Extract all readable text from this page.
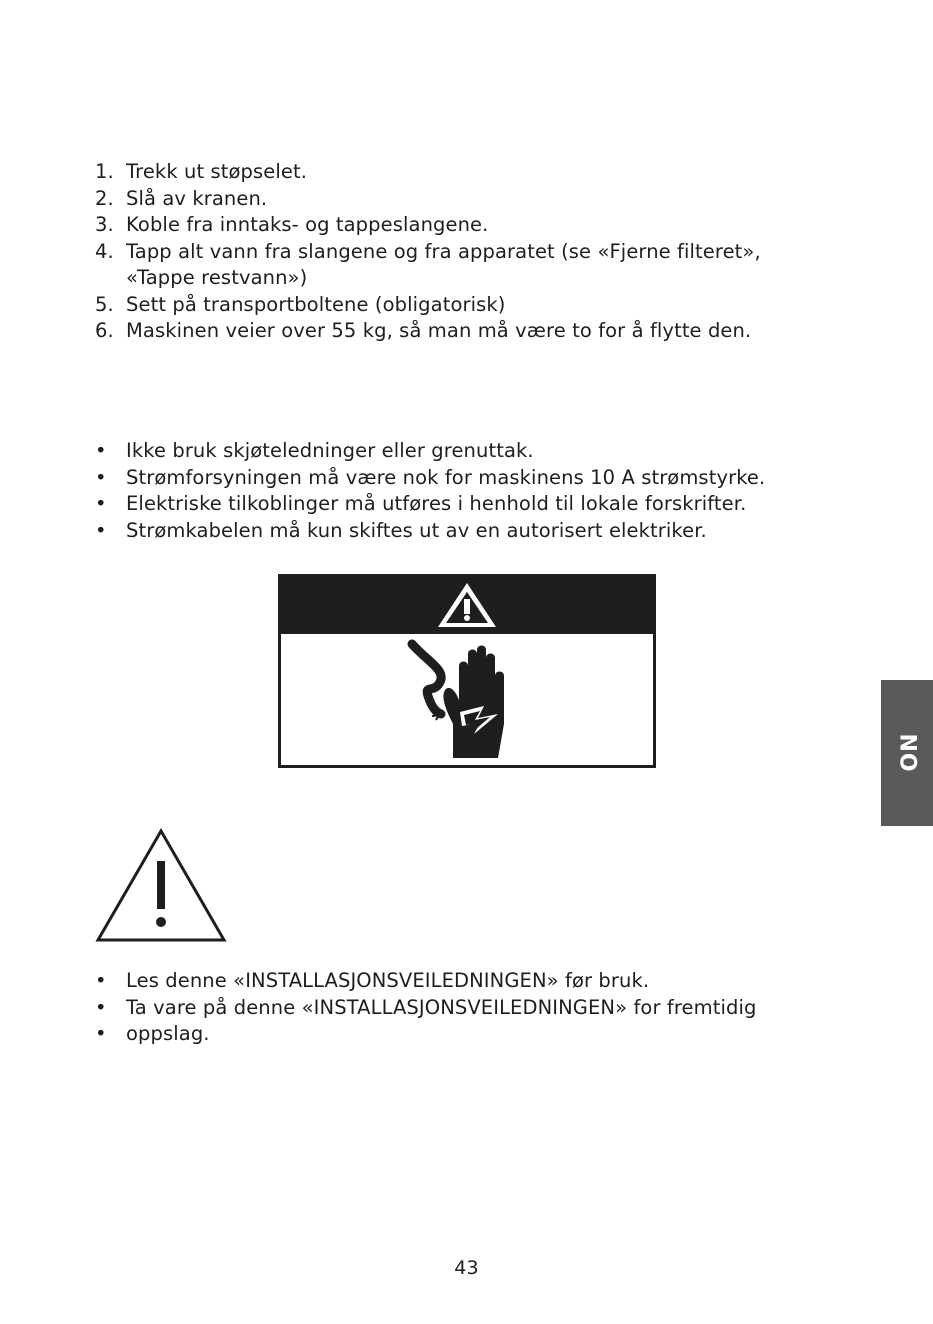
1. Trekk ut støpselet.
2. Slå av kranen.
3. Koble fra inntaks- og tappeslangene.
4. Tapp alt vann fra slangene og fra apparatet (se «Fjerne filteret», «Tappe restvann»)
5. Sett på transportboltene (obligatorisk)
6. Maskinen veier over 55 kg, så man må være to for å flytte den.
• Ikke bruk skjøteledninger eller grenuttak.
• Strømforsyningen må være nok for maskinens 10 A strømstyrke.
• Elektriske tilkoblinger må utføres i henhold til lokale forskrifter.
• Strømkabelen må kun skiftes ut av en autorisert elektriker.
• Les denne «INSTALLASJONSVEILEDNINGEN» før bruk.
• Ta vare på denne «INSTALLASJONSVEILEDNINGEN» for fremtidig oppslag.
•
NO
43
